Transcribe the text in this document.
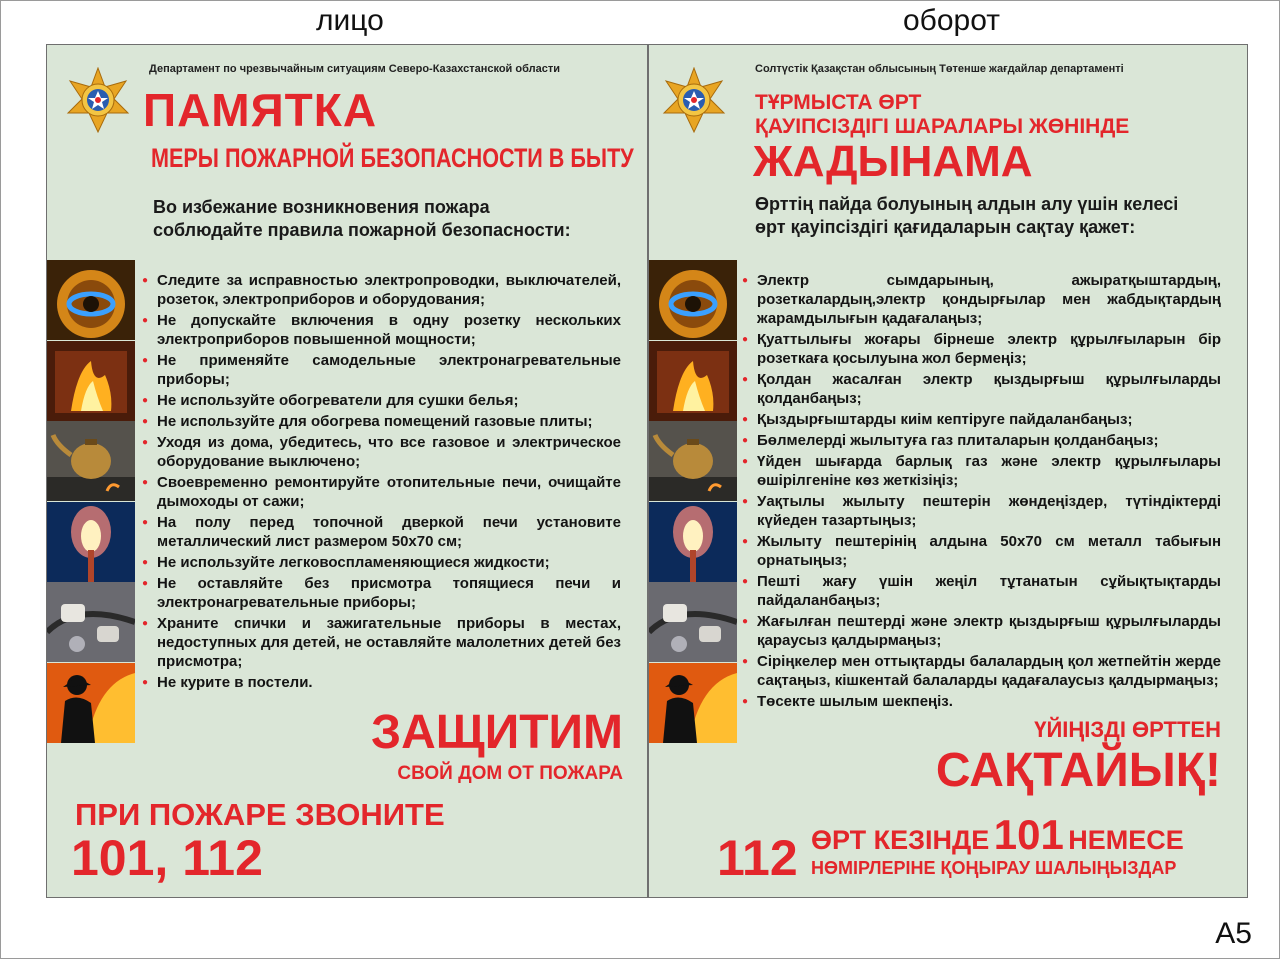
лицо	оборот
A5
Департамент по чрезвычайным ситуациям Северо-Казахстанской области
ПАМЯТКА
МЕРЫ ПОЖАРНОЙ БЕЗОПАСНОСТИ В БЫТУ
Во избежание возникновения пожара
соблюдайте правила пожарной безопасности:
● Следите за исправностью электропроводки, выключателей, розеток, электроприборов и оборудования;
● Не допускайте включения в одну розетку нескольких электроприборов повышенной мощности;
● Не применяйте самодельные электронагревательные приборы;
● Не используйте обогреватели для сушки белья;
● Не используйте для обогрева помещений газовые плиты;
● Уходя из дома, убедитесь, что все газовое и электрическое оборудование выключено;
● Своевременно ремонтируйте отопительные печи, очищайте дымоходы от сажи;
● На полу перед топочной дверкой печи установите металлический лист размером 50х70 см;
● Не используйте легковоспламеняющиеся жидкости;
● Не оставляйте без присмотра топящиеся печи и электронагревательные приборы;
● Храните спички и зажигательные приборы в местах, недоступных для детей, не оставляйте малолетних детей без присмотра;
● Не курите в постели.
ЗАЩИТИМ
СВОЙ ДОМ ОТ ПОЖАРА
ПРИ ПОЖАРЕ ЗВОНИТЕ
101, 112
Солтүстік Қазақстан облысының Төтенше жағдайлар департаменті
ТҰРМЫСТА ӨРТ
ҚАУІПСІЗДІГІ ШАРАЛАРЫ ЖӨНІНДЕ
ЖАДЫНАМА
Өрттің пайда болуының алдын алу үшін келесі
өрт қауіпсіздігі қағидаларын сақтау қажет:
● Электр сымдарының, ажыратқыштардың, розеткалардың,электр қондырғылар мен жабдықтардың жарамдылығын қадағалаңыз;
● Қуаттылығы жоғары бірнеше электр құрылғыларын бір розеткаға қосылуына жол бермеңіз;
● Қолдан жасалған электр қыздырғыш құрылғыларды қолданбаңыз;
● Қыздырғыштарды киім кептіруге пайдаланбаңыз;
● Бөлмелерді жылытуға газ плиталарын қолданбаңыз;
● Үйден шығарда барлық газ және электр құрылғылары өшірілгеніне көз жеткізіңіз;
● Уақтылы жылыту пештерін жөндеңіздер, түтіндіктерді күйеден тазартыңыз;
● Жылыту пештерінің алдына 50х70 см металл табығын орнатыңыз;
● Пешті жағу үшін жеңіл тұтанатын сұйықтықтарды пайдаланбаңыз;
● Жағылған пештерді және электр қыздырғыш құрылғыларды қараусыз қалдырмаңыз;
● Сіріңкелер мен оттықтарды балалардың қол жетпейтін жерде сақтаңыз, кішкентай балаларды қадағалаусыз қалдырмаңыз;
● Төсекте шылым шекпеңіз.
ҮЙІҢІЗДІ ӨРТТЕН
САҚТАЙЫҚ!
112 ӨРТ КЕЗІНДЕ 101 НЕМЕСЕ
НӨМІРЛЕРІНЕ ҚОҢЫРАУ ШАЛЫҢЫЗДАР
